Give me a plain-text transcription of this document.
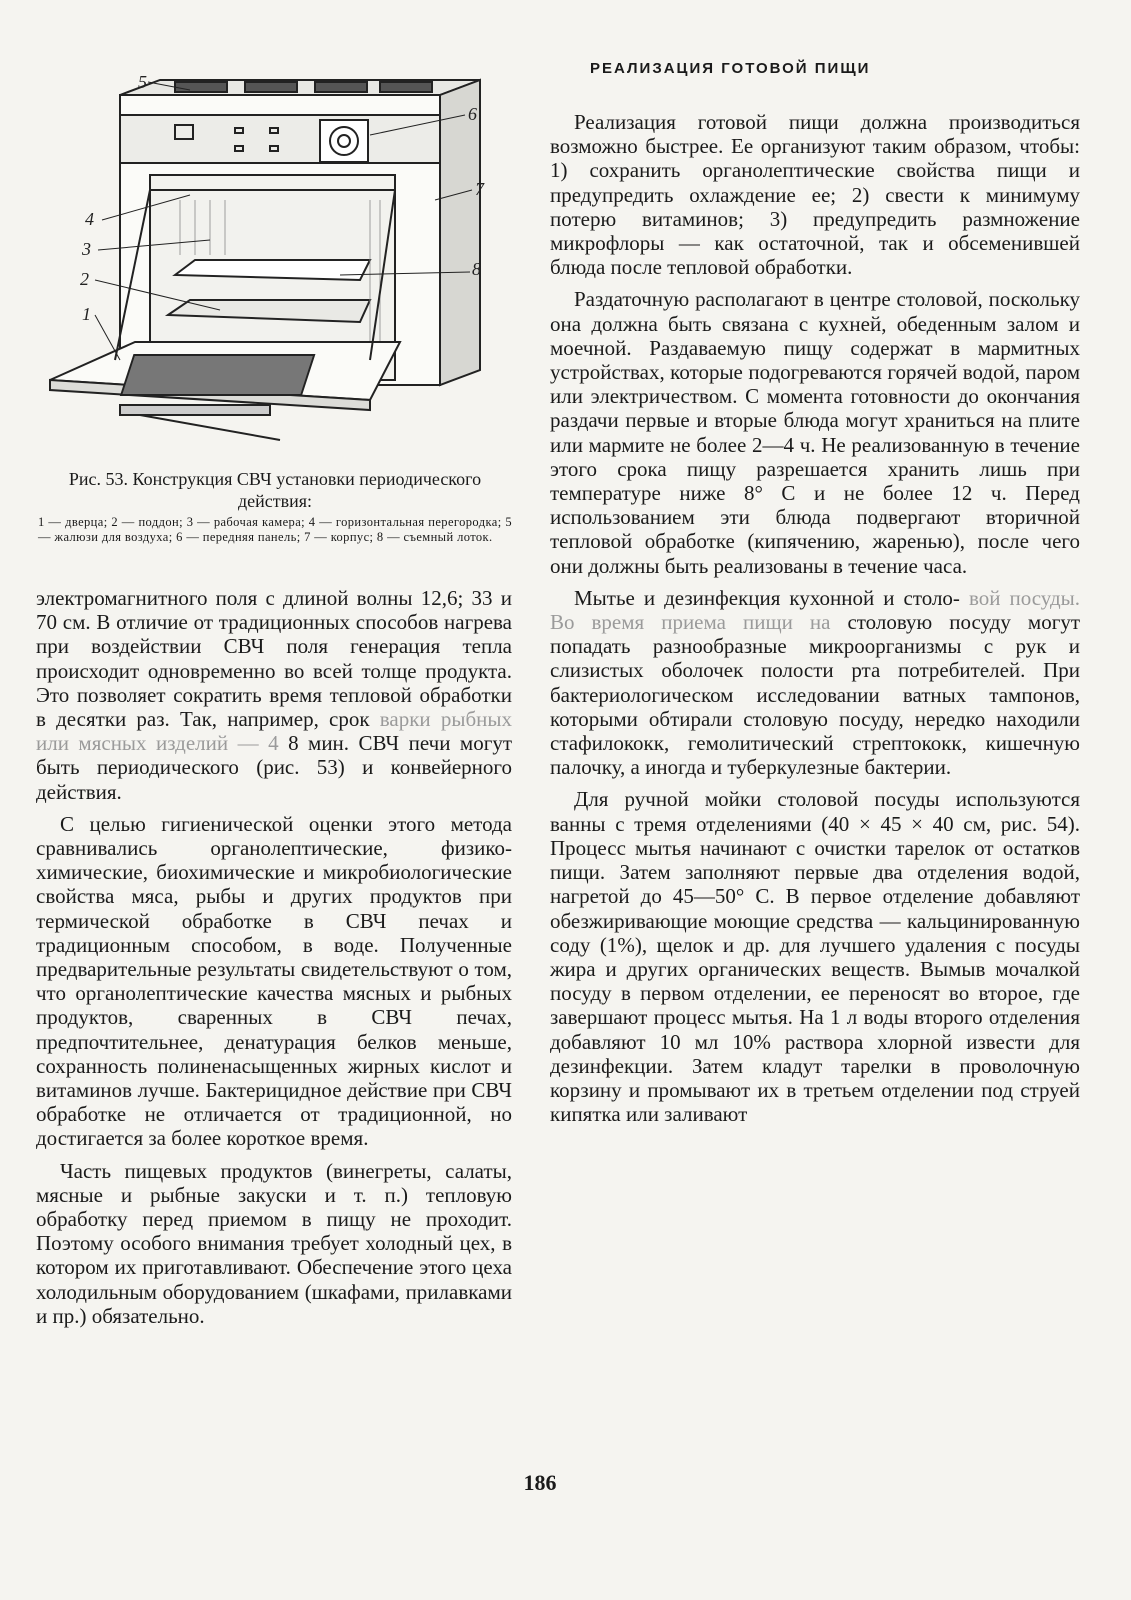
РЕАЛИЗАЦИЯ ГОТОВОЙ ПИЩИ
5
6
7
4
3
2
1
8
Рис. 53. Конструкция СВЧ установки периодического действия:
1 — дверца; 2 — поддон; 3 — рабочая камера; 4 — горизонтальная перегородка; 5 — жалюзи для воздуха; 6 — передняя панель; 7 — корпус; 8 — съемный лоток.

электромагнитного поля с длиной волны 12,6; 33 и 70 см. В отличие от традиционных способов нагрева при воздействии СВЧ поля генерация тепла происходит одновременно во всей толще продукта. Это позволяет сократить время тепловой обработки в десятки раз. Так, например, срок варки рыбных или мясных изделий — 4 8 мин. СВЧ печи могут быть периодического (рис. 53) и конвейерного действия.

С целью гигиенической оценки этого метода сравнивались органолептические, физико-химические, биохимические и микробиологические свойства мяса, рыбы и других продуктов при термической обработке в СВЧ печах и традиционным способом, в воде. Полученные предварительные результаты свидетельствуют о том, что органолептические качества мясных и рыбных продуктов, сваренных в СВЧ печах, предпочтительнее, денатурация белков меньше, сохранность полиненасыщенных жирных кислот и витаминов лучше. Бактерицидное действие при СВЧ обработке не отличается от традиционной, но достигается за более короткое время.

Часть пищевых продуктов (винегреты, салаты, мясные и рыбные закуски и т. п.) тепловую обработку перед приемом в пищу не проходит. Поэтому особого внимания требует холодный цех, в котором их приготавливают. Обеспечение этого цеха холодильным оборудованием (шкафами, прилавками и пр.) обязательно.

Реализация готовой пищи должна производиться возможно быстрее. Ее организуют таким образом, чтобы: 1) сохранить органолептические свойства пищи и предупредить охлаждение ее; 2) свести к минимуму потерю витаминов; 3) предупредить размножение микрофлоры — как остаточной, так и обсеменившей блюда после тепловой обработки.

Раздаточную располагают в центре столовой, поскольку она должна быть связана с кухней, обеденным залом и моечной. Раздаваемую пищу содержат в мармитных устройствах, которые подогреваются горячей водой, паром или электричеством. С момента готовности до окончания раздачи первые и вторые блюда могут храниться на плите или мармите не более 2—4 ч. Не реализованную в течение этого срока пищу разрешается хранить лишь при температуре ниже 8° С и не более 12 ч. Перед использованием эти блюда подвергают вторичной тепловой обработке (кипячению, жаренью), после чего они должны быть реализованы в течение часа.

Мытье и дезинфекция кухонной и столо- вой посуды. Во время приема пищи на столовую посуду могут попадать разнообразные микроорганизмы с рук и слизистых оболочек полости рта потребителей. При бактериологическом исследовании ватных тампонов, которыми обтирали столовую посуду, нередко находили стафилококк, гемолитический стрептококк, кишечную палочку, а иногда и туберкулезные бактерии.

Для ручной мойки столовой посуды используются ванны с тремя отделениями (40 × 45 × 40 см, рис. 54). Процесс мытья начинают с очистки тарелок от остатков пищи. Затем заполняют первые два отделения водой, нагретой до 45—50° С. В первое отделение добавляют обезжиривающие моющие средства — кальцинированную соду (1%), щелок и др. для лучшего удаления с посуды жира и других органических веществ. Вымыв мочалкой посуду в первом отделении, ее переносят во второе, где завершают процесс мытья. На 1 л воды второго отделения добавляют 10 мл 10% раствора хлорной извести для дезинфекции. Затем кладут тарелки в проволочную корзину и промывают их в третьем отделении под струей кипятка или заливают

186
